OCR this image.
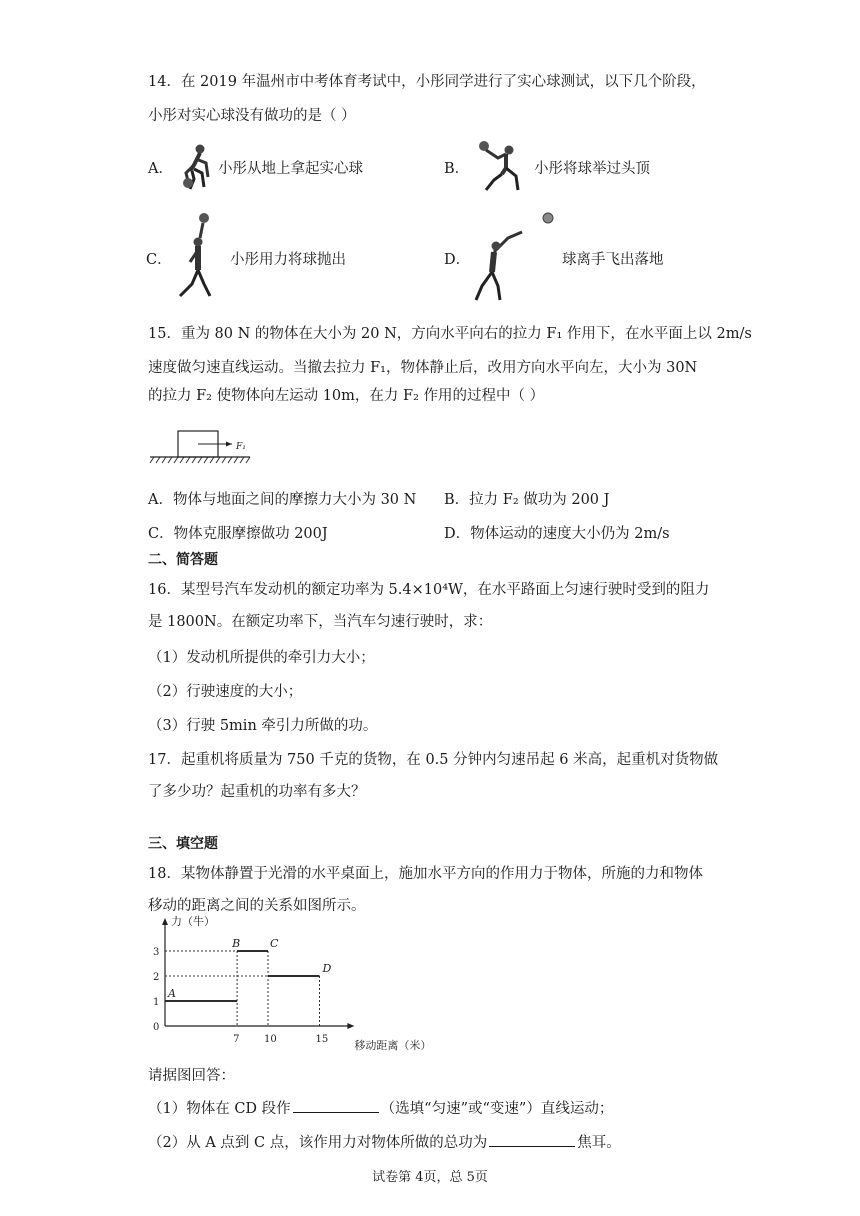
14．在 2019 年温州市中考体育考试中，小彤同学进行了实心球测试，以下几个阶段，
小彤对实心球没有做功的是（ ）
A．	小彤从地上拿起实心球	B．	小彤将球举过头顶
C．	小彤用力将球抛出	D．	球离手飞出落地
15．重为 80 N 的物体在大小为 20 N，方向水平向右的拉力 F₁ 作用下，在水平面上以 2m/s
速度做匀速直线运动。当撤去拉力 F₁，物体静止后，改用方向水平向左，大小为 30N
的拉力 F₂ 使物体向左运动 10m，在力 F₂ 作用的过程中（ ）
F₁
A．物体与地面之间的摩擦力大小为 30 N B．拉力 F₂ 做功为 200 J
C．物体克服摩擦做功 200J	D．物体运动的速度大小仍为 2m/s
二、简答题
16．某型号汽车发动机的额定功率为 5.4×10⁴W，在水平路面上匀速行驶时受到的阻力
是 1800N。在额定功率下，当汽车匀速行驶时，求：
（1）发动机所提供的牵引力大小；
（2）行驶速度的大小；
（3）行驶 5min 牵引力所做的功。
17．起重机将质量为 750 千克的货物，在 0.5 分钟内匀速吊起 6 米高，起重机对货物做
了多少功？起重机的功率有多大？
三、填空题
18．某物体静置于光滑的水平桌面上，施加水平方向的作用力于物体，所施的力和物体
移动的距离之间的关系如图所示。
力（牛）
移动距离（米）
0
1
2
3
7 10	15
A
B	C
D
请据图回答：
（1）物体在 CD 段作	（选填“匀速”或“变速”）直线运动；
（2）从 A 点到 C 点，该作用力对物体所做的总功为	焦耳。
试卷第 4页，总 5页
